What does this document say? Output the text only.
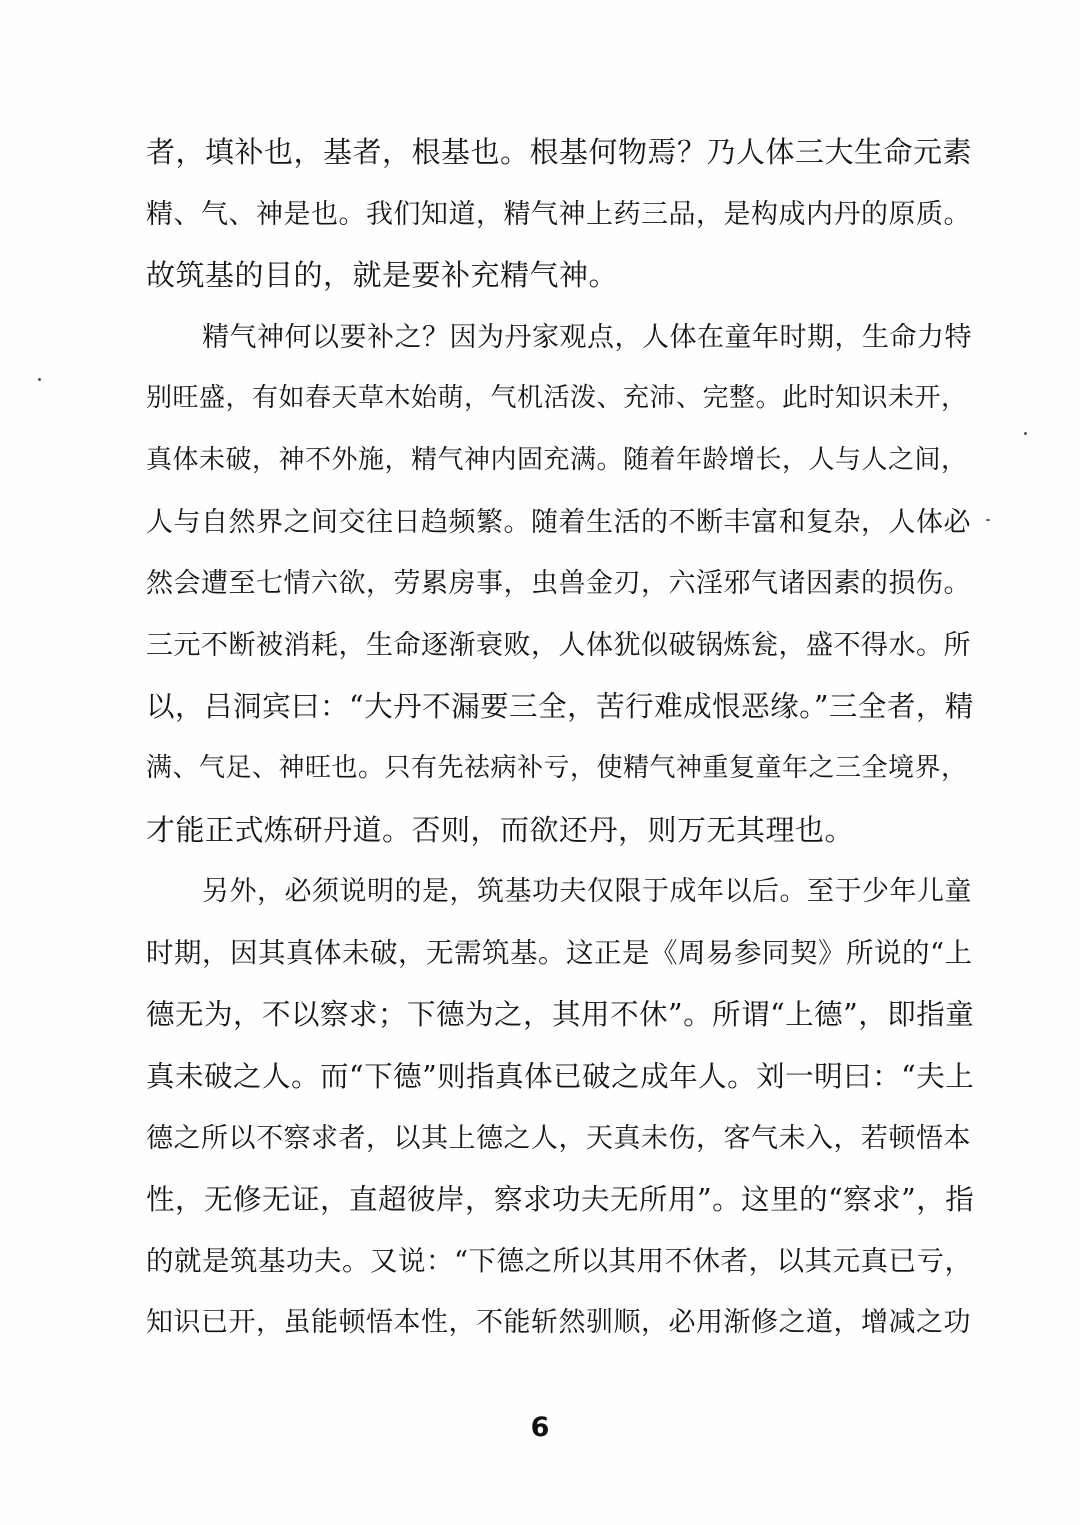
者，填补也，基者，根基也。根基何物焉？乃人体三大生命元素
精、气、神是也。我们知道，精气神上药三品，是构成内丹的原质。
故筑基的目的，就是要补充精气神。
精气神何以要补之？因为丹家观点，人体在童年时期，生命力特
别旺盛，有如春天草木始萌，气机活泼、充沛、完整。此时知识未开，
真体未破，神不外施，精气神内固充满。随着年龄增长，人与人之间，
人与自然界之间交往日趋频繁。随着生活的不断丰富和复杂，人体必
然会遭至七情六欲，劳累房事，虫兽金刃，六淫邪气诸因素的损伤。
三元不断被消耗，生命逐渐衰败，人体犹似破锅炼瓮，盛不得水。所
以，吕洞宾曰：“大丹不漏要三全，苦行难成恨恶缘。”三全者，精
满、气足、神旺也。只有先祛病补亏，使精气神重复童年之三全境界，
才能正式炼研丹道。否则，而欲还丹，则万无其理也。
另外，必须说明的是，筑基功夫仅限于成年以后。至于少年儿童
时期，因其真体未破，无需筑基。这正是《周易参同契》所说的“上
德无为，不以察求；下德为之，其用不休”。所谓“上德”，即指童
真未破之人。而“下德”则指真体已破之成年人。刘一明曰：“夫上
德之所以不察求者，以其上德之人，天真未伤，客气未入，若顿悟本
性，无修无证，直超彼岸，察求功夫无所用”。这里的“察求”，指
的就是筑基功夫。又说：“下德之所以其用不休者，以其元真已亏，
知识已开，虽能顿悟本性，不能斩然驯顺，必用渐修之道，增减之功
6
